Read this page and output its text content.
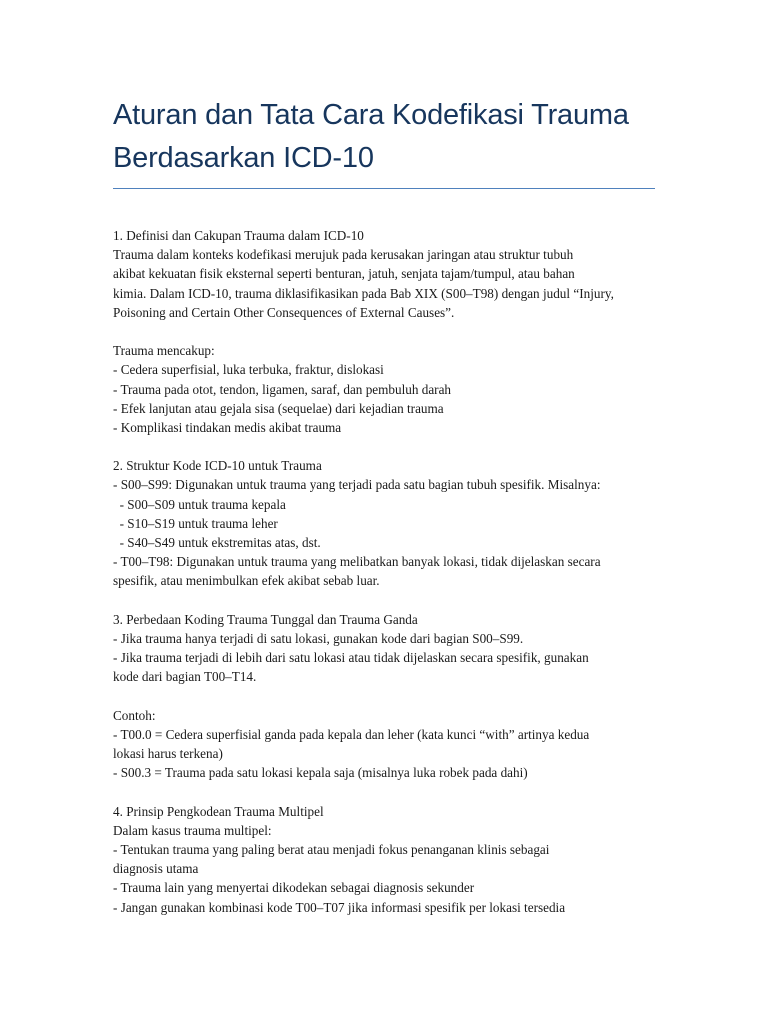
Aturan dan Tata Cara Kodefikasi Trauma
Berdasarkan ICD-10
1. Definisi dan Cakupan Trauma dalam ICD-10
Trauma dalam konteks kodefikasi merujuk pada kerusakan jaringan atau struktur tubuh
akibat kekuatan fisik eksternal seperti benturan, jatuh, senjata tajam/tumpul, atau bahan
kimia. Dalam ICD-10, trauma diklasifikasikan pada Bab XIX (S00–T98) dengan judul “Injury,
Poisoning and Certain Other Consequences of External Causes”.
Trauma mencakup:
- Cedera superfisial, luka terbuka, fraktur, dislokasi
- Trauma pada otot, tendon, ligamen, saraf, dan pembuluh darah
- Efek lanjutan atau gejala sisa (sequelae) dari kejadian trauma
- Komplikasi tindakan medis akibat trauma
2. Struktur Kode ICD-10 untuk Trauma
- S00–S99: Digunakan untuk trauma yang terjadi pada satu bagian tubuh spesifik. Misalnya:
- S00–S09 untuk trauma kepala
- S10–S19 untuk trauma leher
- S40–S49 untuk ekstremitas atas, dst.
- T00–T98: Digunakan untuk trauma yang melibatkan banyak lokasi, tidak dijelaskan secara
spesifik, atau menimbulkan efek akibat sebab luar.
3. Perbedaan Koding Trauma Tunggal dan Trauma Ganda
- Jika trauma hanya terjadi di satu lokasi, gunakan kode dari bagian S00–S99.
- Jika trauma terjadi di lebih dari satu lokasi atau tidak dijelaskan secara spesifik, gunakan
kode dari bagian T00–T14.
Contoh:
- T00.0 = Cedera superfisial ganda pada kepala dan leher (kata kunci “with” artinya kedua
lokasi harus terkena)
- S00.3 = Trauma pada satu lokasi kepala saja (misalnya luka robek pada dahi)
4. Prinsip Pengkodean Trauma Multipel
Dalam kasus trauma multipel:
- Tentukan trauma yang paling berat atau menjadi fokus penanganan klinis sebagai
diagnosis utama
- Trauma lain yang menyertai dikodekan sebagai diagnosis sekunder
- Jangan gunakan kombinasi kode T00–T07 jika informasi spesifik per lokasi tersedia
